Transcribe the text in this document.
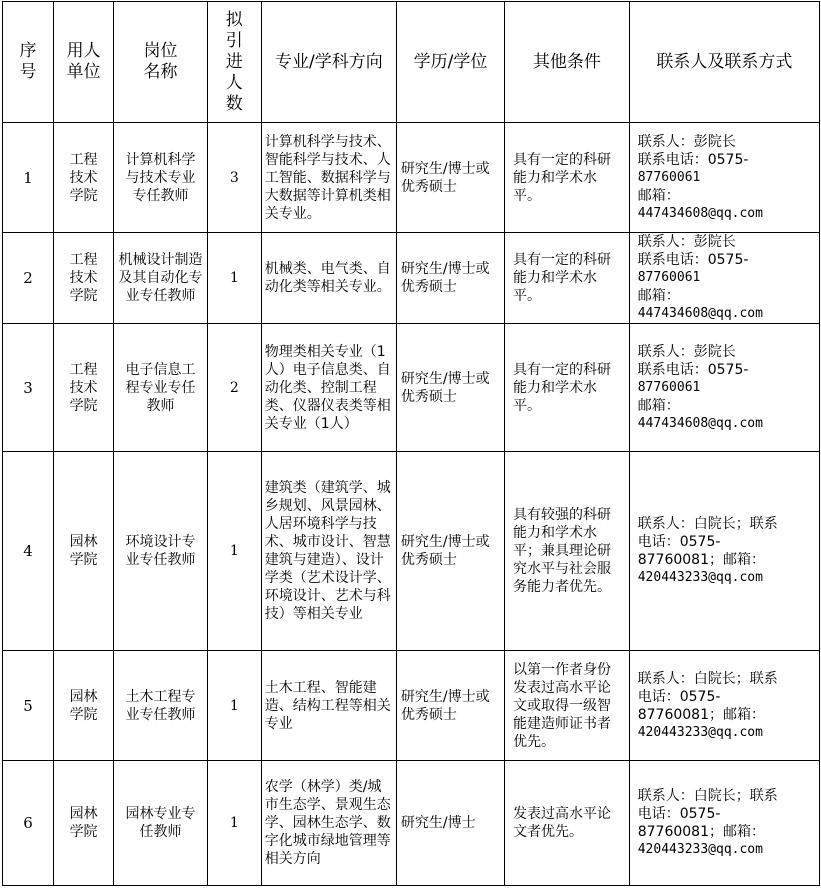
序号	用人单位	岗位名称	拟引进人数	专业/学科方向	学历/学位	其他条件	联系人及联系方式
1	工程技术学院	计算机科学与技术专业专任教师	3	计算机科学与技术、智能科学与技术、人工智能、数据科学与大数据等计算机类相关专业。	研究生/博士或优秀硕士	具有一定的科研能力和学术水平。	联系人：彭院长
联系电话：0575-
87760061
邮箱：
447434608@qq.com

2	工程技术学院	机械设计制造及其自动化专业专任教师	1	机械类、电气类、自动化类等相关专业。	研究生/博士或优秀硕士	具有一定的科研能力和学术水平。	联系人：彭院长
联系电话：0575-
87760061
邮箱：
447434608@qq.com

3	工程技术学院	电子信息工程专业专任教师	2	物理类相关专业（1人）电子信息类、自动化类、控制工程类、仪器仪表类等相关专业（1人）	研究生/博士或优秀硕士	具有一定的科研能力和学术水平。	联系人：彭院长
联系电话：0575-
87760061
邮箱：
447434608@qq.com

4	园林学院	环境设计专业专任教师	1	建筑类（建筑学、城乡规划、风景园林、人居环境科学与技术、城市设计、智慧建筑与建造）、设计学类（艺术设计学、环境设计、艺术与科技）等相关专业	研究生/博士或优秀硕士	具有较强的科研能力和学术水平；兼具理论研究水平与社会服务能力者优先。	联系人：白院长；联系
电话：0575-
87760081；邮箱：
420443233@qq.com

5	园林学院	土木工程专业专任教师	1	土木工程、智能建造、结构工程等相关专业	研究生/博士或优秀硕士	以第一作者身份发表过高水平论文或取得一级智能建造师证书者优先。	联系人：白院长；联系
电话：0575-
87760081；邮箱：
420443233@qq.com

6	园林学院	园林专业专任教师	1	农学（林学）类/城市生态学、景观生态学、园林生态学、数字化城市绿地管理等相关方向	研究生/博士	发表过高水平论文者优先。	联系人：白院长；联系
电话：0575-
87760081；邮箱：
420443233@qq.com
